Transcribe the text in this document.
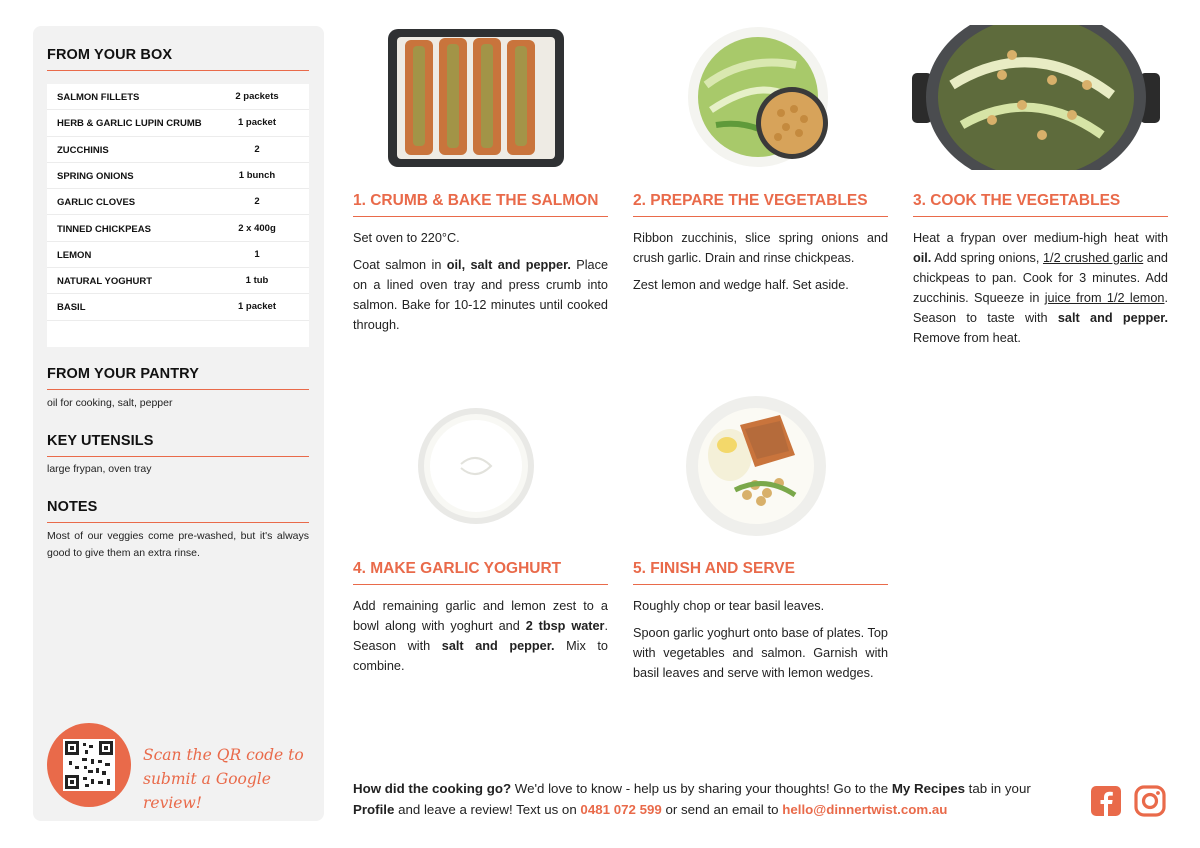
FROM YOUR BOX
SALMON FILLETS	2 packets
HERB & GARLIC LUPIN CRUMB	1 packet
ZUCCHINIS	2
SPRING ONIONS	1 bunch
GARLIC CLOVES	2
TINNED CHICKPEAS	2 x 400g
LEMON	1
NATURAL YOGHURT	1 tub
BASIL	1 packet
FROM YOUR PANTRY
oil for cooking, salt, pepper
KEY UTENSILS
large frypan, oven tray
NOTES
Most of our veggies come pre-washed, but it's always good to give them an extra rinse.
Scan the QR code to
submit a Google review!
1. CRUMB & BAKE THE SALMON

Set oven to 220°C.

Coat salmon in oil, salt and pepper. Place on a lined oven tray and press crumb into salmon. Bake for 10-12 minutes until cooked through.

2. PREPARE THE VEGETABLES

Ribbon zucchinis, slice spring onions and crush garlic. Drain and rinse chickpeas.

Zest lemon and wedge half. Set aside.

3. COOK THE VEGETABLES

Heat a frypan over medium-high heat with oil. Add spring onions, 1/2 crushed garlic and chickpeas to pan. Cook for 3 minutes. Add zucchinis. Squeeze in juice from 1/2 lemon. Season to taste with salt and pepper. Remove from heat.

4. MAKE GARLIC YOGHURT

Add remaining garlic and lemon zest to a bowl along with yoghurt and 2 tbsp water. Season with salt and pepper. Mix to combine.

5. FINISH AND SERVE

Roughly chop or tear basil leaves.

Spoon garlic yoghurt onto base of plates. Top with vegetables and salmon. Garnish with basil leaves and serve with lemon wedges.

How did the cooking go? We'd love to know - help us by sharing your thoughts! Go to the My Recipes tab in your Profile and leave a review! Text us on 0481 072 599 or send an email to hello@dinnertwist.com.au
